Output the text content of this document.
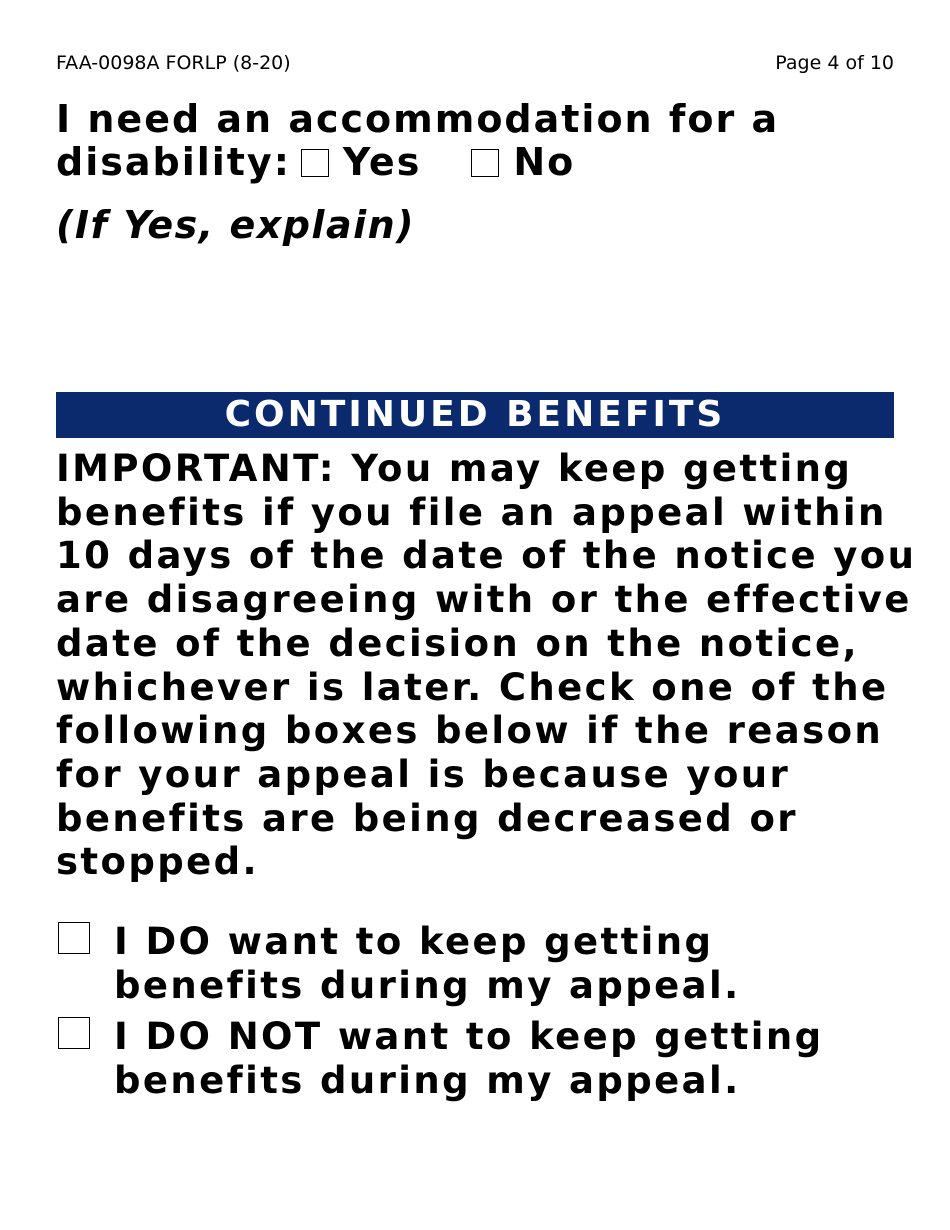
FAA-0098A FORLP (8-20)	Page 4 of 10
I need an accommodation for a
disability: Yes No
(If Yes, explain)
CONTINUED BENEFITS

IMPORTANT: You may keep getting benefits if you file an appeal within 10 days of the date of the notice you are disagreeing with or the effective date of the decision on the notice, whichever is later. Check one of the following boxes below if the reason for your appeal is because your benefits are being decreased or stopped.

I DO want to keep getting benefits during my appeal.
I DO NOT want to keep getting benefits during my appeal.
